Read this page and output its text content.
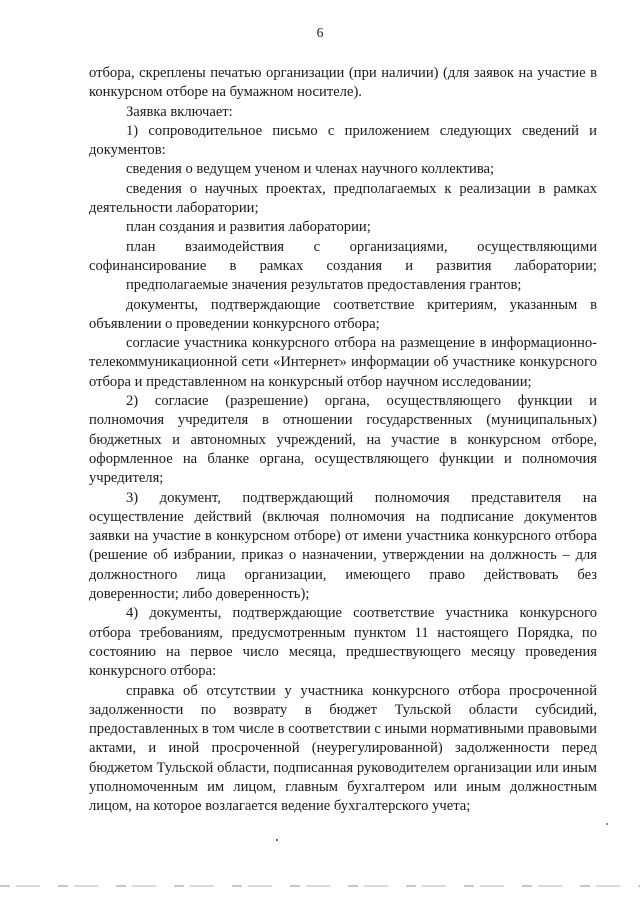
6

отбора, скреплены печатью организации (при наличии) (для заявок на участие в конкурсном отборе на бумажном носителе).

Заявка включает:

1) сопроводительное письмо с приложением следующих сведений и документов:

сведения о ведущем ученом и членах научного коллектива;

сведения о научных проектах, предполагаемых к реализации в рамках деятельности лаборатории;

план создания и развития лаборатории;

план взаимодействия с организациями, осуществляющими софинансирование в рамках создания и развития лаборатории;

предполагаемые значения результатов предоставления грантов;

документы, подтверждающие соответствие критериям, указанным в объявлении о проведении конкурсного отбора;

согласие участника конкурсного отбора на размещение в информационно-телекоммуникационной сети «Интернет» информации об участнике конкурсного отбора и представленном на конкурсный отбор научном исследовании;

2) согласие (разрешение) органа, осуществляющего функции и полномочия учредителя в отношении государственных (муниципальных) бюджетных и автономных учреждений, на участие в конкурсном отборе, оформленное на бланке органа, осуществляющего функции и полномочия учредителя;

3) документ, подтверждающий полномочия представителя на осуществление действий (включая полномочия на подписание документов заявки на участие в конкурсном отборе) от имени участника конкурсного отбора (решение об избрании, приказ о назначении, утверждении на должность – для должностного лица организации, имеющего право действовать без доверенности; либо доверенность);

4) документы, подтверждающие соответствие участника конкурсного отбора требованиям, предусмотренным пунктом 11 настоящего Порядка, по состоянию на первое число месяца, предшествующего месяцу проведения конкурсного отбора:

справка об отсутствии у участника конкурсного отбора просроченной задолженности по возврату в бюджет Тульской области субсидий, предоставленных в том числе в соответствии с иными нормативными правовыми актами, и иной просроченной (неурегулированной) задолженности перед бюджетом Тульской области, подписанная руководителем организации или иным уполномоченным им лицом, главным бухгалтером или иным должностным лицом, на которое возлагается ведение бухгалтерского учета;
